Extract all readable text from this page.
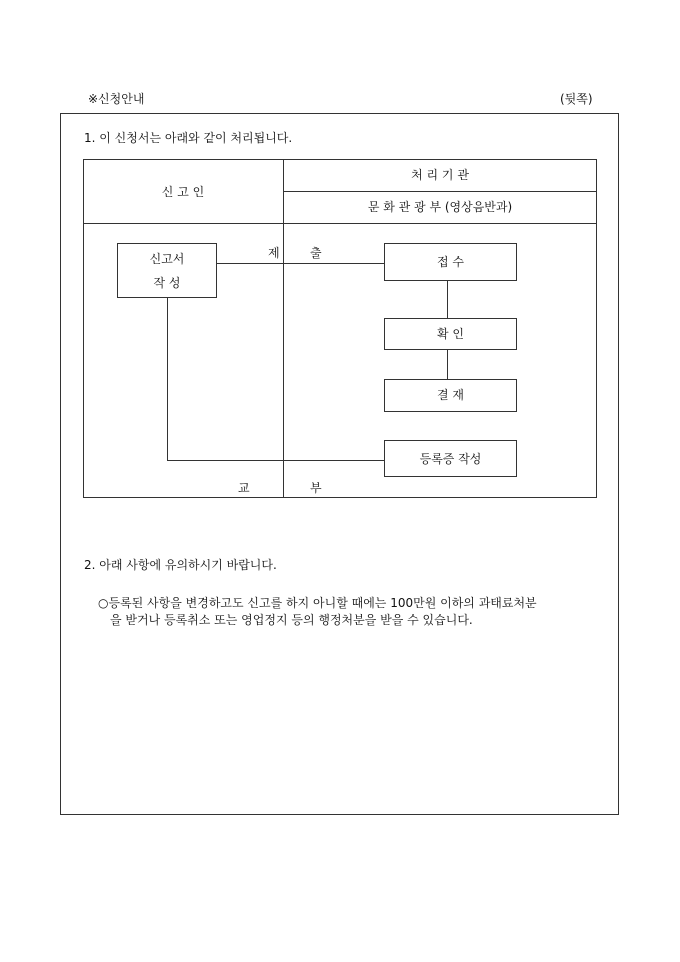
※신청안내	(뒷쪽)
1. 이 신청서는 아래와 같이 처리됩니다.
신 고 인
처 리 기 관
문 화 관 광 부 (영상음반과)
신고서
작 성
제	출
접 수
확 인
결 재
등록증 작성
교	부
2. 아래 사항에 유의하시기 바랍니다.
○등록된 사항을 변경하고도 신고를 하지 아니할 때에는 100만원 이하의 과태료처분
을 받거나 등록취소 또는 영업정지 등의 행정처분을 받을 수 있습니다.
